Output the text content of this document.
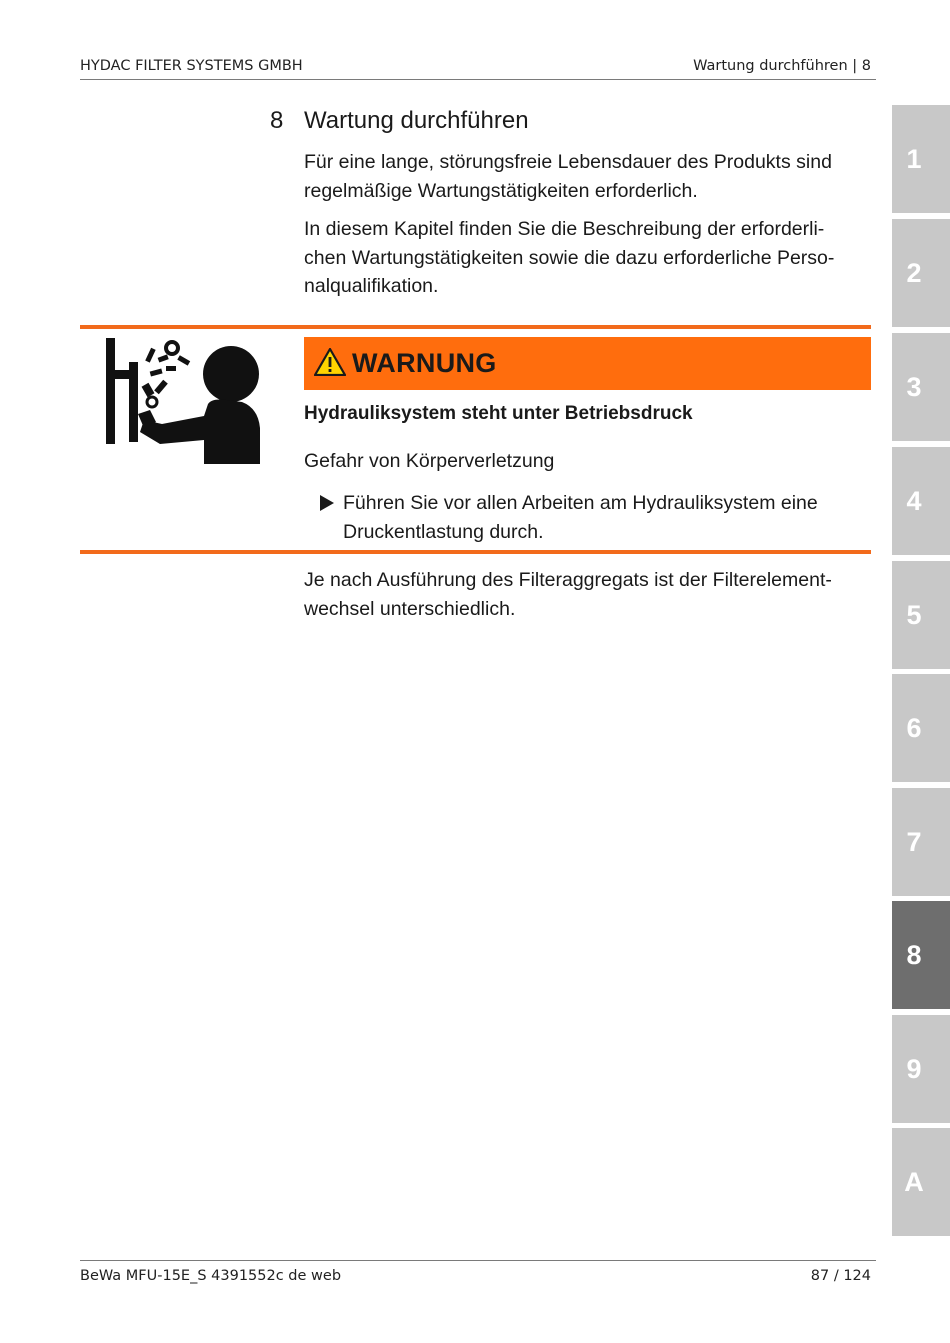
HYDAC FILTER SYSTEMS GMBH	Wartung durchführen | 8
8 Wartung durchführen
Für eine lange, störungsfreie Lebensdauer des Produkts sind
regelmäßige Wartungstätigkeiten erforderlich.
In diesem Kapitel finden Sie die Beschreibung der erforderli-
chen Wartungstätigkeiten sowie die dazu erforderliche Perso-
nalqualifikation.
WARNUNG
Hydrauliksystem steht unter Betriebsdruck
Gefahr von Körperverletzung
Führen Sie vor allen Arbeiten am Hydrauliksystem eine
Druckentlastung durch.
Je nach Ausführung des Filteraggregats ist der Filterelement-
wechsel unterschiedlich.
1
2
3
4
5
6
7
8
9
A
BeWa MFU-15E_S 4391552c de web	87 / 124
